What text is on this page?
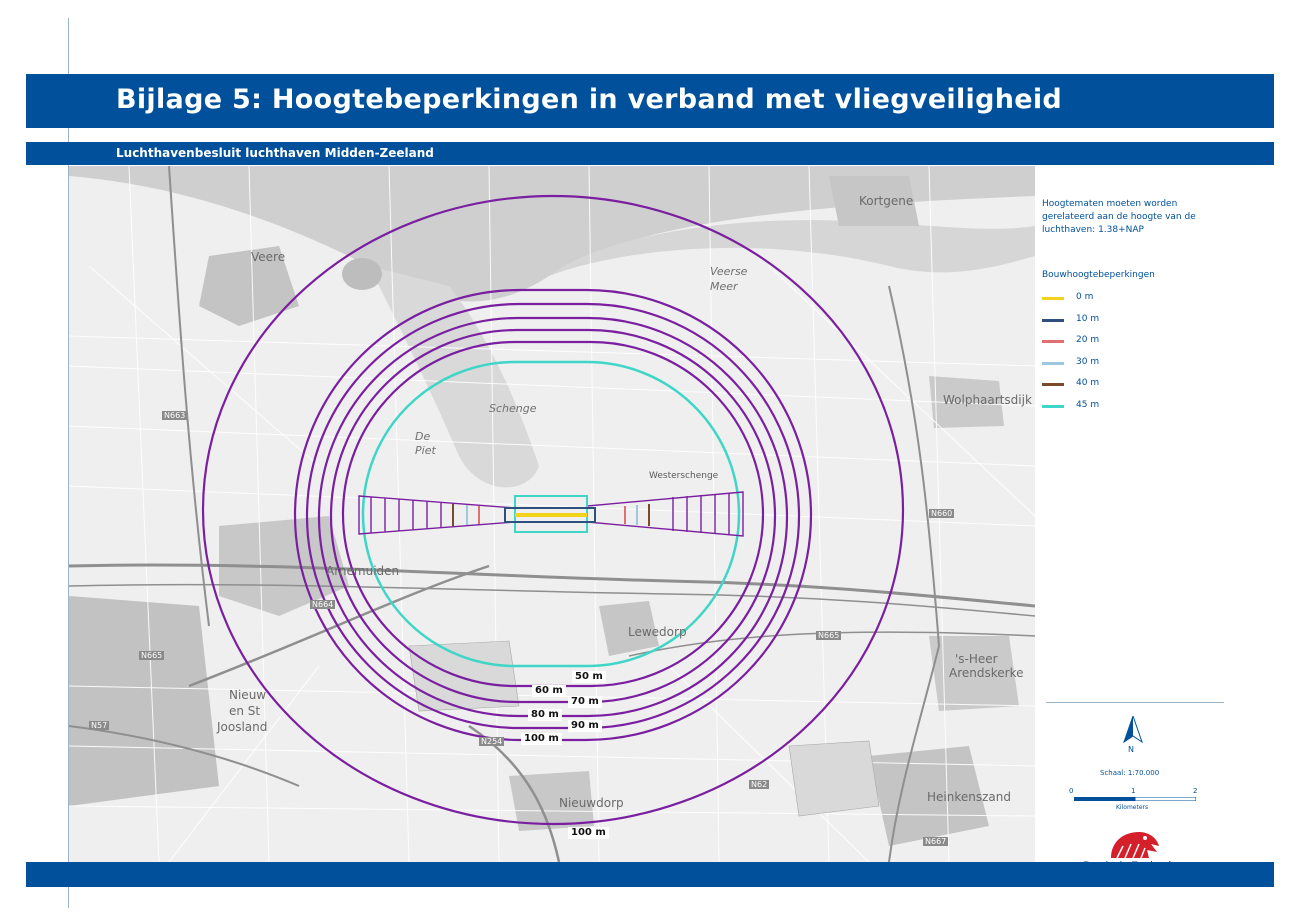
Bijlage 5: Hoogtebeperkingen in verband met vliegveiligheid
Luchthavenbesluit luchthaven Midden-Zeeland
Veere
Kortgene
Veerse
Meer
Wolphaartsdijk
Arnemuiden
Lewedorp
's-Heer
Arendskerke
Nieuw
en St
Joosland
Nieuwdorp	Heinkenszand
De
Piet
Schenge
Westerschenge
N663
N664
N665
N665
N660
N57
N254
N62
N667
50 m
60 m
70 m
80 m
90 m
100 m
100 m
Hoogtematen moeten worden gerelateerd aan de hoogte van de luchthaven: 1.38+NAP
Bouwhoogtebeperkingen
0 m
10 m
20 m
30 m
40 m
45 m
N
Schaal: 1:70.000
0	1	2
Kilometers
Provincie Zeeland
